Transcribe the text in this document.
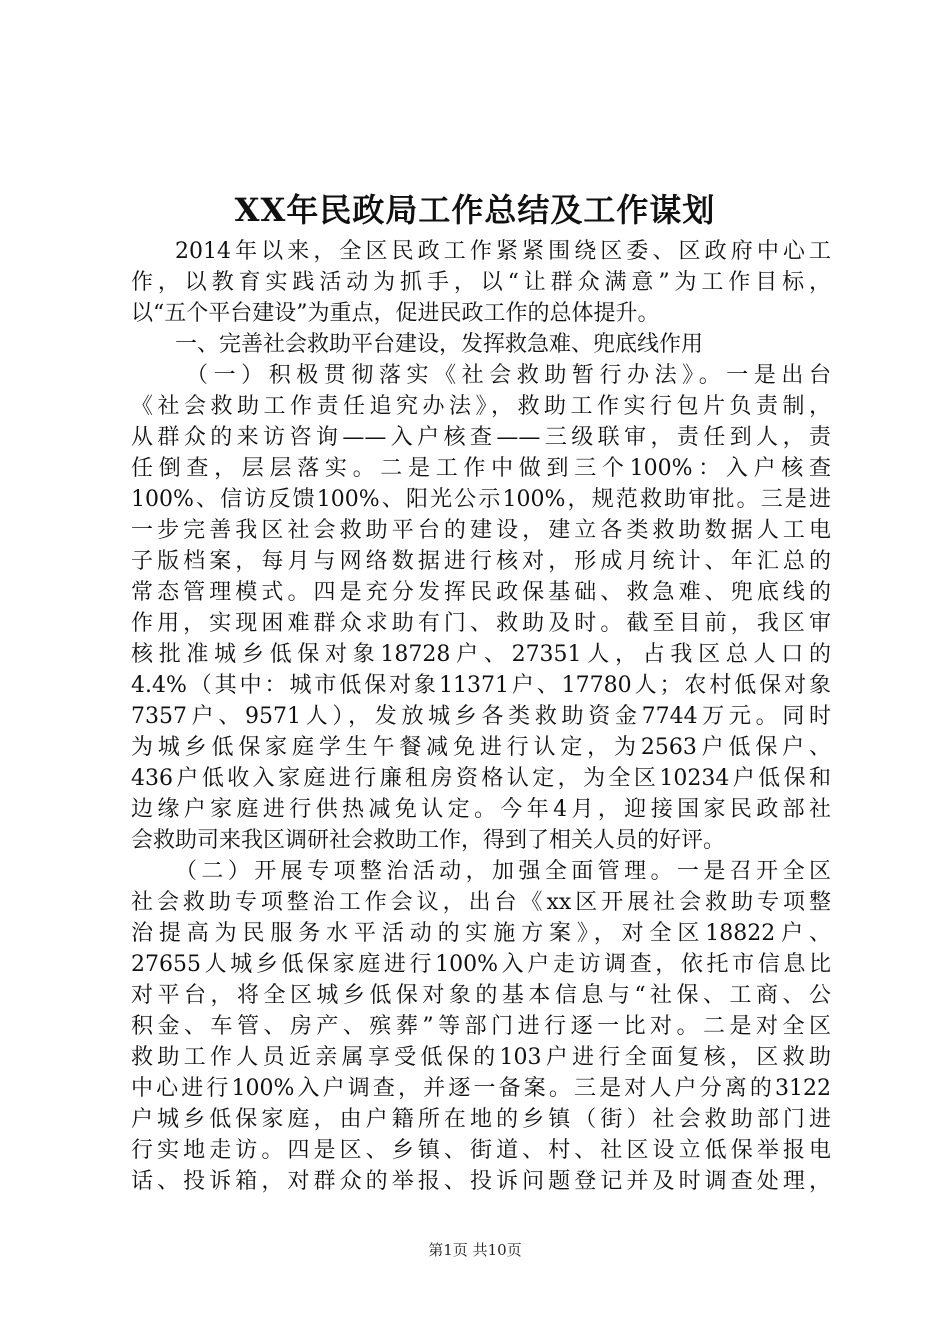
XX年民政局工作总结及工作谋划
2014年以来，全区民政工作紧紧围绕区委、区政府中心工
作，以教育实践活动为抓手，以“让群众满意”为工作目标，
以“五个平台建设”为重点，促进民政工作的总体提升。
一、完善社会救助平台建设，发挥救急难、兜底线作用
（一）积极贯彻落实《社会救助暂行办法》。一是出台
《社会救助工作责任追究办法》，救助工作实行包片负责制，
从群众的来访咨询——入户核查——三级联审，责任到人，责
任倒查，层层落实。二是工作中做到三个100%：入户核查
100%、信访反馈100%、阳光公示100%，规范救助审批。三是进
一步完善我区社会救助平台的建设，建立各类救助数据人工电
子版档案，每月与网络数据进行核对，形成月统计、年汇总的
常态管理模式。四是充分发挥民政保基础、救急难、兜底线的
作用，实现困难群众求助有门、救助及时。截至目前，我区审
核批准城乡低保对象18728户、27351人，占我区总人口的
4.4%（其中：城市低保对象11371户、17780人；农村低保对象
7357户、9571人），发放城乡各类救助资金7744万元。同时
为城乡低保家庭学生午餐减免进行认定，为2563户低保户、
436户低收入家庭进行廉租房资格认定，为全区10234户低保和
边缘户家庭进行供热减免认定。今年4月，迎接国家民政部社
会救助司来我区调研社会救助工作，得到了相关人员的好评。
（二）开展专项整治活动，加强全面管理。一是召开全区
社会救助专项整治工作会议，出台《xx区开展社会救助专项整
治提高为民服务水平活动的实施方案》，对全区18822户、
27655人城乡低保家庭进行100%入户走访调查，依托市信息比
对平台，将全区城乡低保对象的基本信息与“社保、工商、公
积金、车管、房产、殡葬”等部门进行逐一比对。二是对全区
救助工作人员近亲属享受低保的103户进行全面复核，区救助
中心进行100%入户调查，并逐一备案。三是对人户分离的3122
户城乡低保家庭，由户籍所在地的乡镇（街）社会救助部门进
行实地走访。四是区、乡镇、街道、村、社区设立低保举报电
话、投诉箱，对群众的举报、投诉问题登记并及时调查处理，
第1页 共10页
